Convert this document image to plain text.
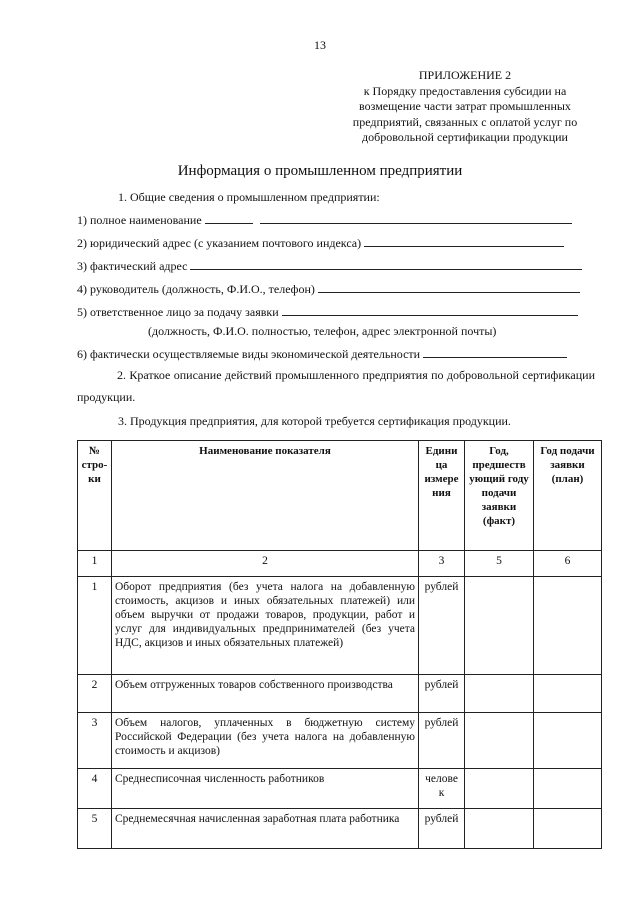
13
ПРИЛОЖЕНИЕ 2
к Порядку предоставления субсидии на
возмещение части затрат промышленных
предприятий, связанных с оплатой услуг по
добровольной сертификации продукции
Информация о промышленном предприятии
1. Общие сведения о промышленном предприятии:
1) полное наименование
2) юридический адрес (с указанием почтового индекса)
3) фактический адрес
4) руководитель (должность, Ф.И.О., телефон)
5) ответственное лицо за подачу заявки
(должность, Ф.И.О. полностью, телефон, адрес электронной почты)
6) фактически осуществляемые виды экономической деятельности
2. Краткое описание действий промышленного предприятия по добровольной сертификации продукции.
3. Продукция предприятия, для которой требуется сертификация продукции.
№ стро-ки	Наименование показателя	Едини ца измере ния	Год, предшеств ующий году подачи заявки (факт)	Год подачи заявки (план)
1	2	3	5	6
1	Оборот предприятия (без учета налога на добавленную стоимость, акцизов и иных обязательных платежей) или объем выручки от продажи товаров, продукции, работ и услуг для индивидуальных предпринимателей (без учета НДС, акцизов и иных обязательных платежей)	рублей		
2	Объем отгруженных товаров собственного производства	рублей		
3	Объем налогов, уплаченных в бюджетную систему Российской Федерации (без учета налога на добавленную стоимость и акцизов)	рублей		
4	Среднесписочная численность работников	челове к		
5	Среднемесячная начисленная заработная плата работника	рублей		
